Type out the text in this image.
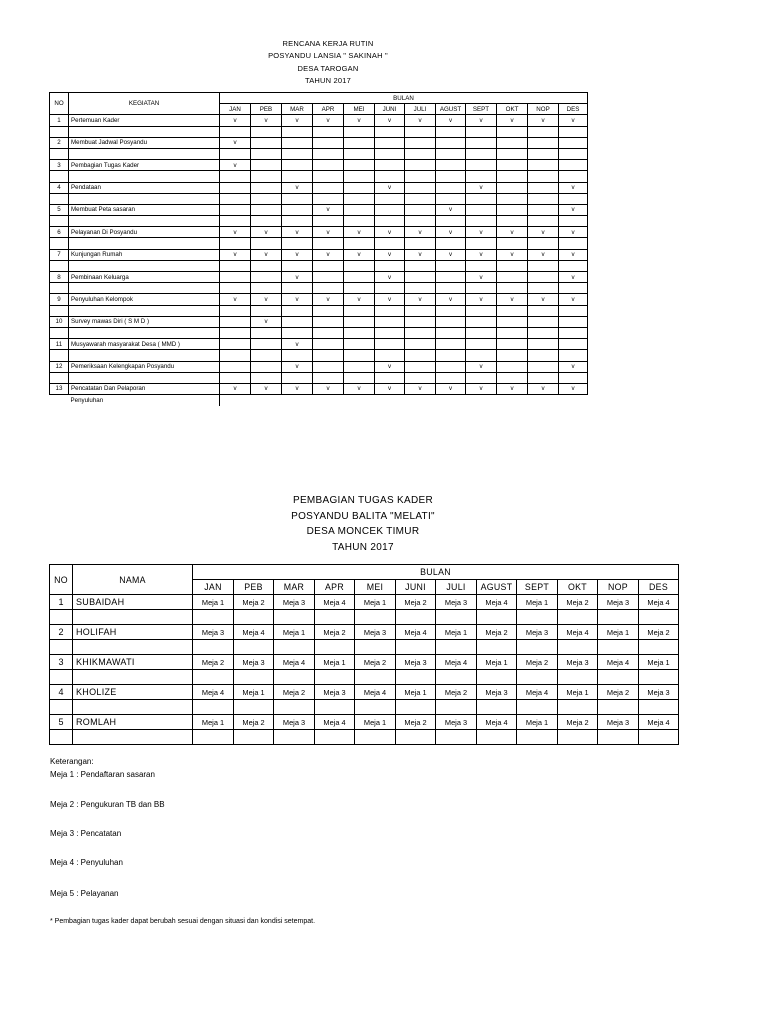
RENCANA KERJA RUTIN
POSYANDU LANSIA " SAKINAH "
DESA TAROGAN
TAHUN 2017
NO	KEGIATAN	BULAN											
		JAN	PEB	MAR	APR	MEI	JUNI	JULI	AGUST	SEPT	OKT	NOP	DES
1	Pertemuan Kader	v	v	v	v	v	v	v	v	v	v	v	v

2	Membuat Jadwal Posyandu	v											

3	Pembagian Tugas Kader	v											

4	Pendataan			v			v			v			v

5	Membuat Peta sasaran				v				v				v

6	Pelayanan Di Posyandu	v	v	v	v	v	v	v	v	v	v	v	v

7	Kunjungan Rumah	v	v	v	v	v	v	v	v	v	v	v	v

8	Pembinaan Keluarga			v			v			v			v

9	Penyuluhan Kelompok	v	v	v	v	v	v	v	v	v	v	v	v

10	Survey mawas Diri ( S M D )		v										

11	Musyawarah masyarakat Desa ( MMD )			v									

12	Pemeriksaan Kelengkapan Posyandu			v			v			v			v

13	Pencatatan Dan Pelaporan	v	v	v	v	v	v	v	v	v	v	v	v
	Penyuluhan												
PEMBAGIAN TUGAS KADER
POSYANDU BALITA "MELATI"
DESA MONCEK TIMUR
TAHUN 2017
NO	NAMA	BULAN											
		JAN	PEB	MAR	APR	MEI	JUNI	JULI	AGUST	SEPT	OKT	NOP	DES
1	SUBAIDAH	Meja 1	Meja 2	Meja 3	Meja 4	Meja 1	Meja 2	Meja 3	Meja 4	Meja 1	Meja 2	Meja 3	Meja 4

2	HOLIFAH	Meja 3	Meja 4	Meja 1	Meja 2	Meja 3	Meja 4	Meja 1	Meja 2	Meja 3	Meja 4	Meja 1	Meja 2

3	KHIKMAWATI	Meja 2	Meja 3	Meja 4	Meja 1	Meja 2	Meja 3	Meja 4	Meja 1	Meja 2	Meja 3	Meja 4	Meja 1

4	KHOLIZE	Meja 4	Meja 1	Meja 2	Meja 3	Meja 4	Meja 1	Meja 2	Meja 3	Meja 4	Meja 1	Meja 2	Meja 3

5	ROMLAH	Meja 1	Meja 2	Meja 3	Meja 4	Meja 1	Meja 2	Meja 3	Meja 4	Meja 1	Meja 2	Meja 3	Meja 4

Keterangan:
Meja 1 : Pendaftaran sasaran
Meja 2 : Pengukuran TB dan BB
Meja 3 : Pencatatan
Meja 4 : Penyuluhan
Meja 5 : Pelayanan
* Pembagian tugas kader dapat berubah sesuai dengan situasi dan kondisi setempat.
